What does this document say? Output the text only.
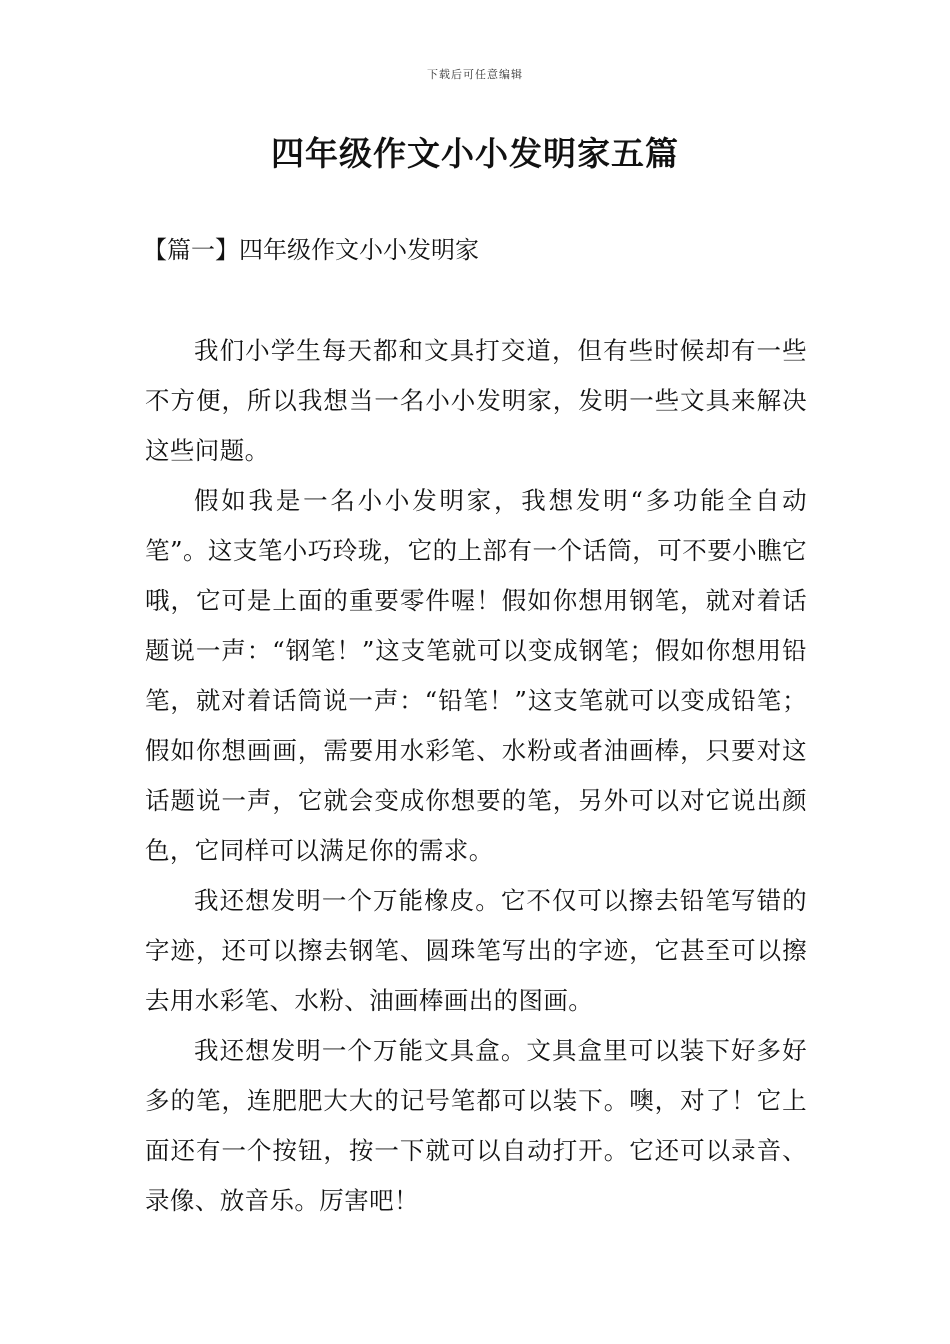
下载后可任意编辑
四年级作文小小发明家五篇
【篇一】四年级作文小小发明家

我们小学生每天都和文具打交道，但有些时候却有一些不方便，所以我想当一名小小发明家，发明一些文具来解决这些问题。

假如我是一名小小发明家，我想发明“多功能全自动笔”。这支笔小巧玲珑，它的上部有一个话筒，可不要小瞧它哦，它可是上面的重要零件喔！假如你想用钢笔，就对着话题说一声：“钢笔！”这支笔就可以变成钢笔；假如你想用铅笔，就对着话筒说一声：“铅笔！”这支笔就可以变成铅笔；假如你想画画，需要用水彩笔、水粉或者油画棒，只要对这话题说一声，它就会变成你想要的笔，另外可以对它说出颜色，它同样可以满足你的需求。

我还想发明一个万能橡皮。它不仅可以擦去铅笔写错的字迹，还可以擦去钢笔、圆珠笔写出的字迹，它甚至可以擦去用水彩笔、水粉、油画棒画出的图画。

我还想发明一个万能文具盒。文具盒里可以装下好多好多的笔，连肥肥大大的记号笔都可以装下。噢，对了！它上面还有一个按钮，按一下就可以自动打开。它还可以录音、录像、放音乐。厉害吧！
